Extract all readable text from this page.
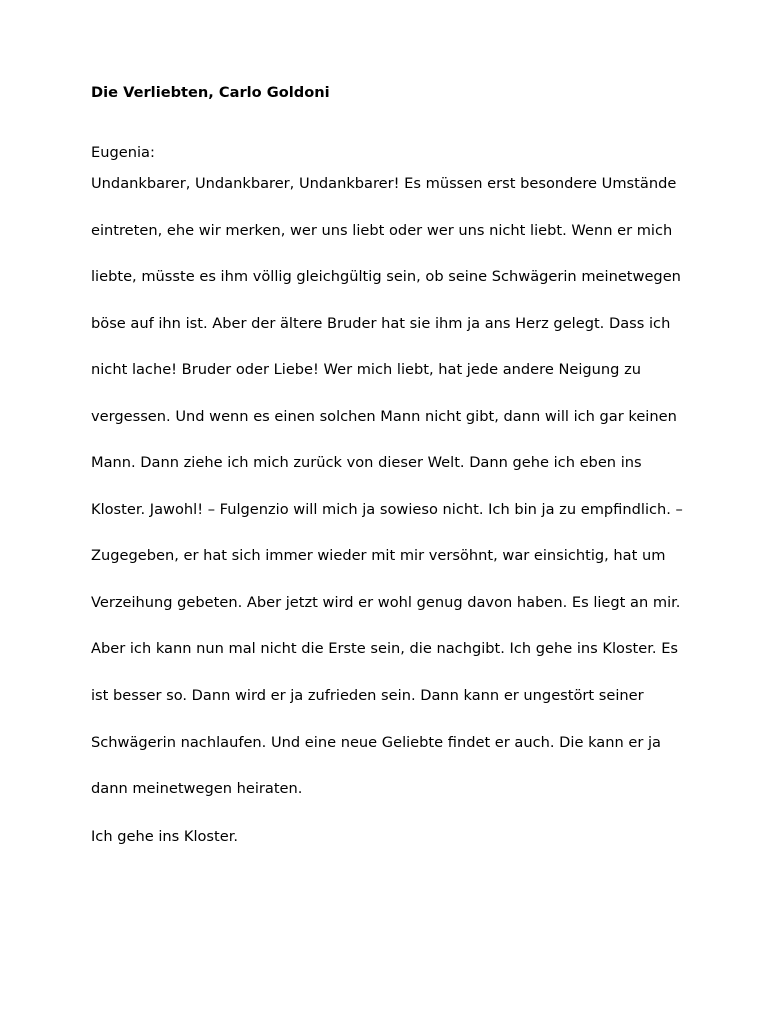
Die Verliebten, Carlo Goldoni

Eugenia:

Undankbarer, Undankbarer, Undankbarer! Es müssen erst besondere Umstände
eintreten, ehe wir merken, wer uns liebt oder wer uns nicht liebt. Wenn er mich
liebte, müsste es ihm völlig gleichgültig sein, ob seine Schwägerin meinetwegen
böse auf ihn ist. Aber der ältere Bruder hat sie ihm ja ans Herz gelegt. Dass ich
nicht lache! Bruder oder Liebe! Wer mich liebt, hat jede andere Neigung zu
vergessen. Und wenn es einen solchen Mann nicht gibt, dann will ich gar keinen
Mann. Dann ziehe ich mich zurück von dieser Welt. Dann gehe ich eben ins
Kloster. Jawohl! – Fulgenzio will mich ja sowieso nicht. Ich bin ja zu empfindlich. –
Zugegeben, er hat sich immer wieder mit mir versöhnt, war einsichtig, hat um
Verzeihung gebeten. Aber jetzt wird er wohl genug davon haben. Es liegt an mir.
Aber ich kann nun mal nicht die Erste sein, die nachgibt. Ich gehe ins Kloster. Es
ist besser so. Dann wird er ja zufrieden sein. Dann kann er ungestört seiner
Schwägerin nachlaufen. Und eine neue Geliebte findet er auch. Die kann er ja
dann meinetwegen heiraten.

Ich gehe ins Kloster.
